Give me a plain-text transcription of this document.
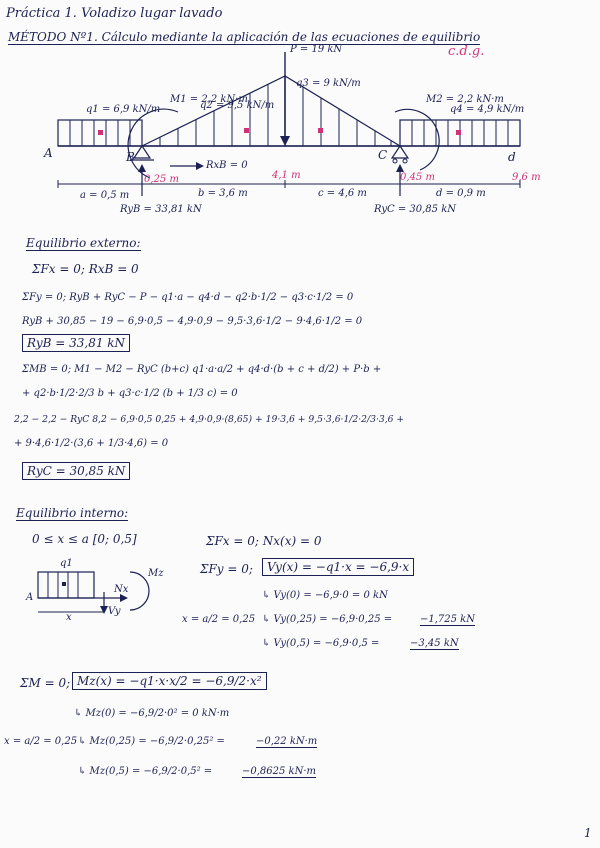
Práctica 1. Voladizo lugar lavado
MÉTODO Nº1. Cálculo mediante la aplicación de las ecuaciones de equilibrio
c.d.g.
q1 = 6,9 kN/m	q2 = 9,5 kN/m
q3 = 9 kN/m
q4 = 4,9 kN/m
P = 19 kN
M1 = 2,2 kN·m	M2 = 2,2 kN·m
A	B	C	d
RxB = 0
0,25 m	4,1 m	0,45 m	9,6 m
a = 0,5 m	b = 3,6 m	c = 4,6 m	d = 0,9 m
RyB = 33,81 kN	RyC = 30,85 kN
Equilibrio externo:
ΣFx = 0; RxB = 0
ΣFy = 0; RyB + RyC − P − q1·a − q4·d − q2·b·1/2 − q3·c·1/2 = 0
RyB + 30,85 − 19 − 6,9·0,5 − 4,9·0,9 − 9,5·3,6·1/2 − 9·4,6·1/2 = 0
RyB = 33,81 kN
ΣMB = 0; M1 − M2 − RyC (b+c) q1·a·a/2 + q4·d·(b + c + d/2) + P·b +
+ q2·b·1/2·2/3 b + q3·c·1/2 (b + 1/3 c) = 0
2,2 − 2,2 − RyC 8,2 − 6,9·0,5 0,25 + 4,9·0,9·(8,65) + 19·3,6 + 9,5·3,6·1/2·2/3·3,6 +
+ 9·4,6·1/2·(3,6 + 1/3·4,6) = 0
RyC = 30,85 kN
Equilibrio interno:
0 ≤ x ≤ a [0; 0,5]
q1
A
x
Nx
Vy
Mz
ΣFx = 0; Nx(x) = 0
ΣFy = 0;	Vy(x) = −q1·x = −6,9·x
↳ Vy(0) = −6,9·0 = 0 kN
x = a/2 = 0,25 ↳ Vy(0,25) = −6,9·0,25 =	−1,725 kN
↳ Vy(0,5) = −6,9·0,5 =	−3,45 kN
ΣM = 0; Mz(x) = −q1·x·x/2 = −6,9/2·x²
↳ Mz(0) = −6,9/2·0² = 0 kN·m
x = a/2 = 0,25 ↳ Mz(0,25) = −6,9/2·0,25² =	−0,22 kN·m
↳ Mz(0,5) = −6,9/2·0,5² =	−0,8625 kN·m
1
